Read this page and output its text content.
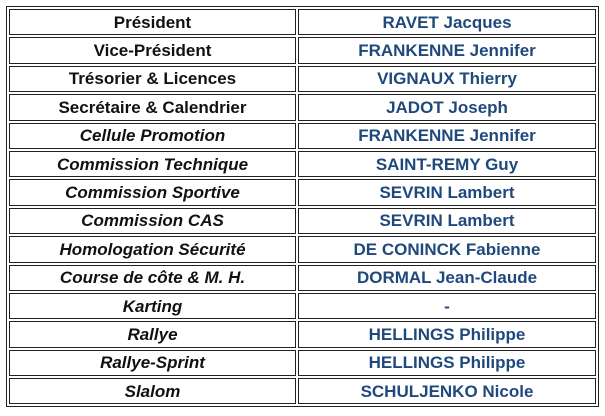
Président	RAVET Jacques
Vice-Président	FRANKENNE Jennifer
Trésorier & Licences	VIGNAUX Thierry
Secrétaire & Calendrier	JADOT Joseph
Cellule Promotion	FRANKENNE Jennifer
Commission Technique	SAINT-REMY Guy
Commission Sportive	SEVRIN Lambert
Commission CAS	SEVRIN Lambert
Homologation Sécurité	DE CONINCK Fabienne
Course de côte & M. H.	DORMAL Jean-Claude
Karting	-
Rallye	HELLINGS Philippe
Rallye-Sprint	HELLINGS Philippe
Slalom	SCHULJENKO Nicole
